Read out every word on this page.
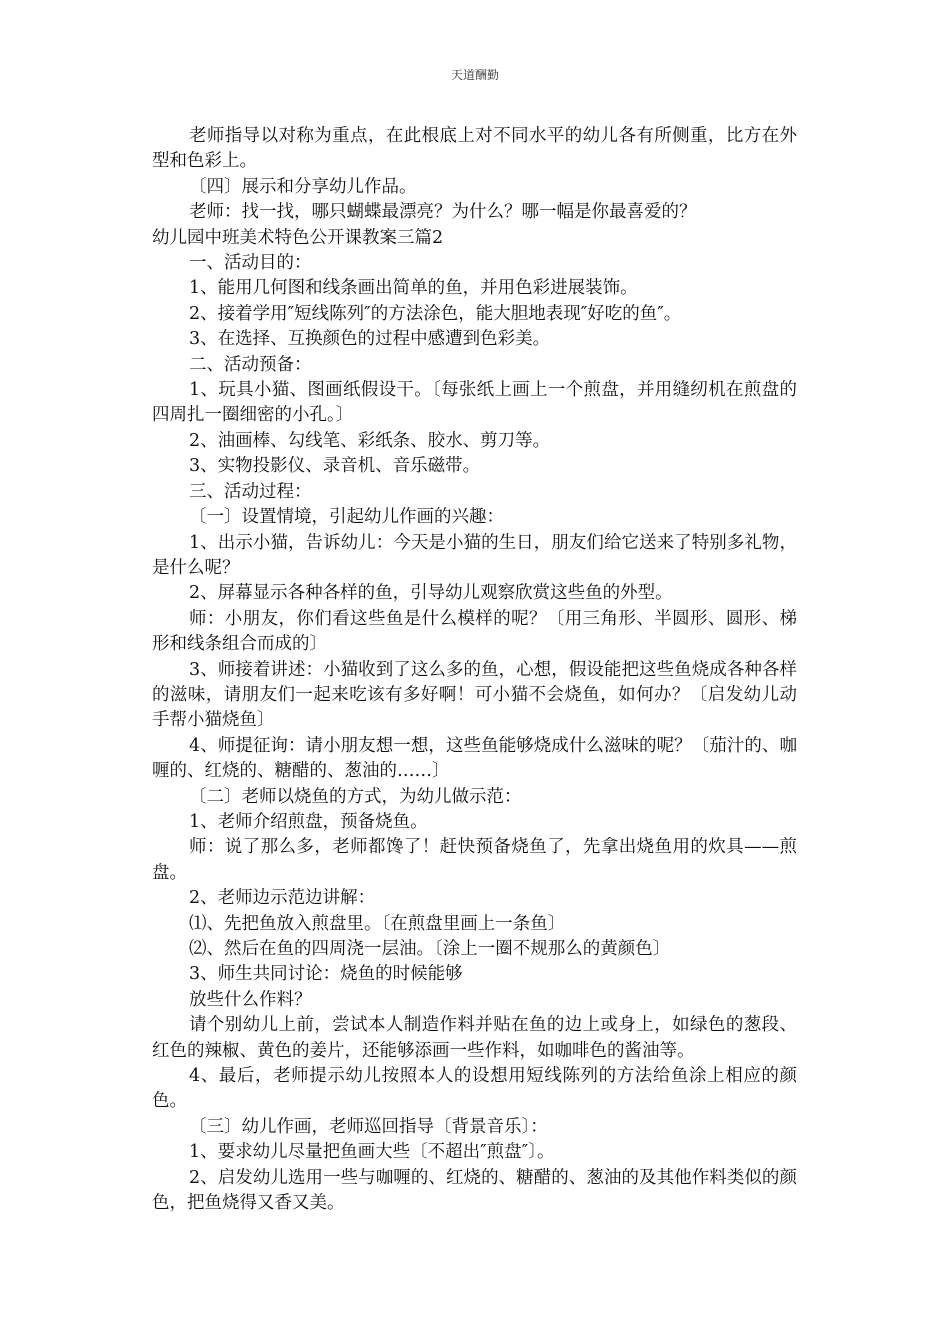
天道酬勤

老师指导以对称为重点，在此根底上对不同水平的幼儿各有所侧重，比方在外型和色彩上。

〔四〕展示和分享幼儿作品。

老师：找一找，哪只蝴蝶最漂亮？为什么？哪一幅是你最喜爱的？

幼儿园中班美术特色公开课教案三篇2

一、活动目的：

1、能用几何图和线条画出简单的鱼，并用色彩进展装饰。

2、接着学用″短线陈列″的方法涂色，能大胆地表现″好吃的鱼″。

3、在选择、互换颜色的过程中感遭到色彩美。

二、活动预备：

1、玩具小猫、图画纸假设干。〔每张纸上画上一个煎盘，并用缝纫机在煎盘的四周扎一圈细密的小孔。〕

2、油画棒、勾线笔、彩纸条、胶水、剪刀等。

3、实物投影仪、录音机、音乐磁带。

三、活动过程：

〔一〕设置情境，引起幼儿作画的兴趣：

1、出示小猫，告诉幼儿：今天是小猫的生日，朋友们给它送来了特别多礼物，是什么呢？

2、屏幕显示各种各样的鱼，引导幼儿观察欣赏这些鱼的外型。

师：小朋友，你们看这些鱼是什么模样的呢？〔用三角形、半圆形、圆形、梯形和线条组合而成的〕

3、师接着讲述：小猫收到了这么多的鱼，心想，假设能把这些鱼烧成各种各样的滋味，请朋友们一起来吃该有多好啊！可小猫不会烧鱼，如何办？〔启发幼儿动手帮小猫烧鱼〕

4、师提征询：请小朋友想一想，这些鱼能够烧成什么滋味的呢？〔茄汁的、咖喱的、红烧的、糖醋的、葱油的……〕

〔二〕老师以烧鱼的方式，为幼儿做示范：

1、老师介绍煎盘，预备烧鱼。

师：说了那么多，老师都馋了！赶快预备烧鱼了，先拿出烧鱼用的炊具——煎盘。

2、老师边示范边讲解：

⑴、先把鱼放入煎盘里。〔在煎盘里画上一条鱼〕

⑵、然后在鱼的四周浇一层油。〔涂上一圈不规那么的黄颜色〕

3、师生共同讨论：烧鱼的时候能够

放些什么作料？

请个别幼儿上前，尝试本人制造作料并贴在鱼的边上或身上，如绿色的葱段、红色的辣椒、黄色的姜片，还能够添画一些作料，如咖啡色的酱油等。

4、最后，老师提示幼儿按照本人的设想用短线陈列的方法给鱼涂上相应的颜色。

〔三〕幼儿作画，老师巡回指导〔背景音乐〕：

1、要求幼儿尽量把鱼画大些〔不超出″煎盘″〕。

2、启发幼儿选用一些与咖喱的、红烧的、糖醋的、葱油的及其他作料类似的颜色，把鱼烧得又香又美。
